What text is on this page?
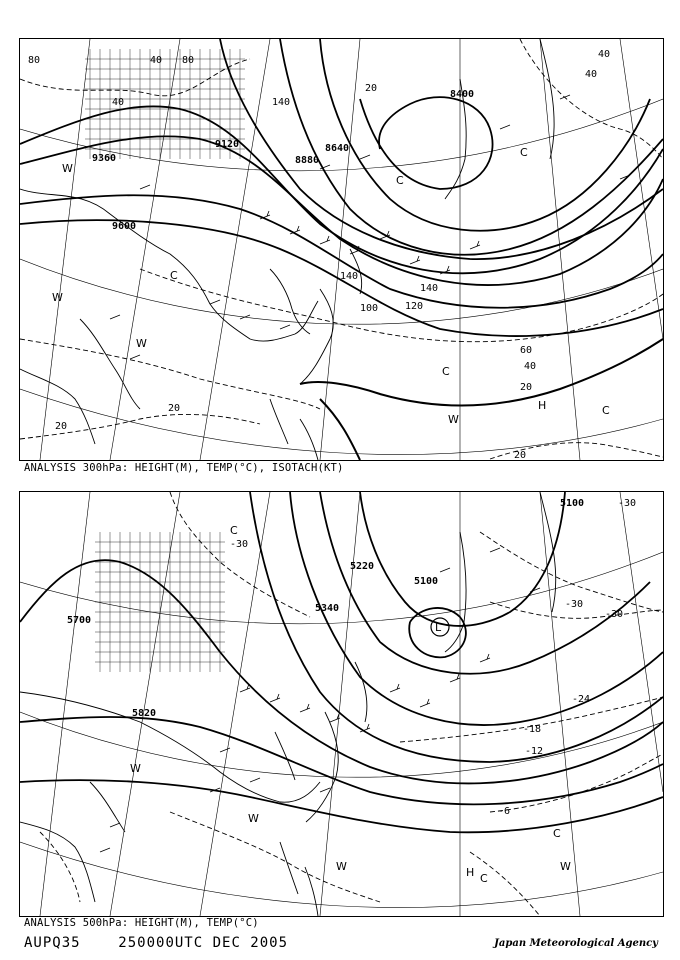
9120
9360
9600
8880
8640
8400
80	80
40
40
40
40
20
20
20
20
20
140
140
140
100	120
60
40
W
C
W
W
C
W
C
H	C
C
ANALYSIS 300hPa: HEIGHT(M), TEMP(°C), ISOTACH(KT)
5700
5820
5340
5100
5220
5100
-30
-30
-30
-30
-24
-18
-12
-6
L
C
W
W
W	H C
C
W
ANALYSIS 500hPa: HEIGHT(M), TEMP(°C)
AUPQ35	250000UTC DEC 2005	Japan Meteorological Agency
